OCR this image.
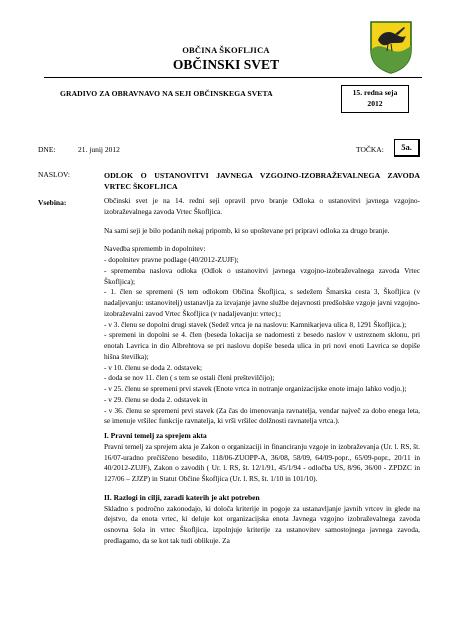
OBČINA ŠKOFLJICA
OBČINSKI SVET
GRADIVO ZA OBRAVNAVO NA SEJI OBČINSKEGA SVETA	15. redna seja
2012
DNE:	21. junij 2012	TOČKA:	5a.
NASLOV:	ODLOK O USTANOVITVI JAVNEGA VZGOJNO-IZOBRAŽEVALNEGA ZAVODA VRTEC ŠKOFLJICA
Vsebina:	Občinski svet je na 14. redni seji opravil prvo branje Odloka o ustanovitvi javnega vzgojno-izobraževalnega zavoda Vrtec Škofljica.

Na sami seji je bilo podanih nekaj pripomb, ki so upoštevane pri pripravi odloka za drugo branje.

Navedba sprememb in dopolnitev:

- dopolnitev pravne podlage (40/2012-ZUJF);

- sprememba naslova odloka (Odlok o ustanovitvi javnega vzgojno-izobraževalnega zavoda Vrtec Škofljica);

- 1. člen se spremeni (S tem odlokom Občina Škofljica, s sedežem Šmarska cesta 3, Škofljica (v nadaljevanju: ustanovitelj) ustanavlja za izvajanje javne službe dejavnosti predšolske vzgoje javni vzgojno-izobraževalni zavod Vrtec Škofljica (v nadaljevanju: vrtec).;

- v 3. členu se dopolni drugi stavek (Sedež vrtca je na naslovu: Kamnikarjeva ulica 8, 1291 Škofljica.);

- spremeni in dopolni se 4. člen (beseda lokacija se nadomesti z besedo naslov v ustreznem sklonu, pri enotah Lavrica in dio Albrehtova se pri naslovu dopiše beseda ulica in pri novi enoti Lavrica se dopiše hišna številka);

- v 10. členu se doda 2. odstavek;

- doda se nov 11. člen ( s tem se ostali členi preštevilčijo);

- v 25. členu se spremeni prvi stavek (Enote vrtca in notranje organizacijske enote imajo lahko vodjo.);

- v 29. členu se doda 2. odstavek in

- v 36. členu se spremeni prvi stavek (Za čas do imenovanja ravnatelja, vendar največ za dobo enega leta, se imenuje vršilec funkcije ravnatelja, ki vrši vršilec dolžnosti ravnatelja vrtca.).

I. Pravni temelj za sprejem akta

Pravni temelj za sprejem akta je Zakon o organizaciji in financiranju vzgoje in izobraževanja (Ur. l. RS, št. 16/07-uradno prečiščeno besedilo, 118/06-ZUOPP-A, 36/08, 58/09, 64/09-popr., 65/09-popr., 20/11 in 40/2012-ZUJF), Zakon o zavodih ( Ur. l. RS, št. 12/1/91, 45/1/94 - odločba US, 8/96, 36/00 - ZPDZC in 127/06 – ZJZP) in Statut Občine Škofljica (Ur. l. RS, št. 1/10 in 101/10).

II. Razlogi in cilji, zaradi katerih je akt potreben

Skladno s področno zakonodajo, ki določa kriterije in pogoje za ustanavljanje javnih vrtcev in glede na dejstvo, da enota vrtec, ki deluje kot organizacijska enota Javnega vzgojno izobraževalnega zavoda osnovna šola in vrtec Škofljica, izpolnjuje kriterije za ustanovitev samostojnega javnega zavoda, predlagamo, da se kot tak tudi oblikuje. Za
